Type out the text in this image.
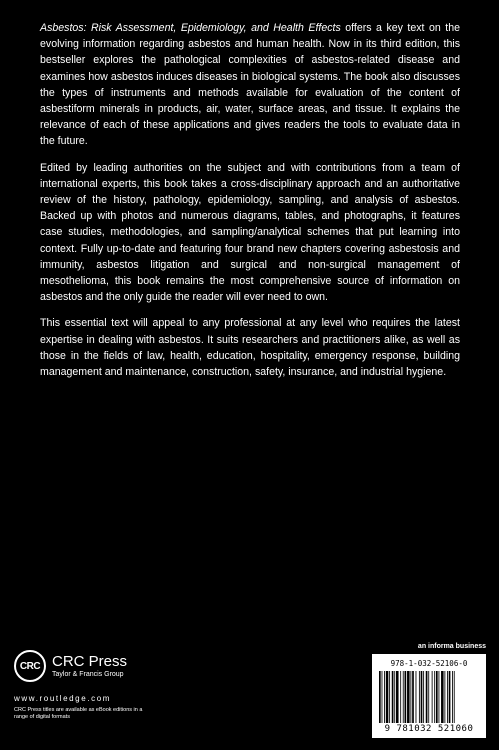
Asbestos: Risk Assessment, Epidemiology, and Health Effects offers a key text on the evolving information regarding asbestos and human health. Now in its third edition, this bestseller explores the pathological complexities of asbestos-related disease and examines how asbestos induces diseases in biological systems. The book also discusses the types of instruments and methods available for evaluation of the content of asbestiform minerals in products, air, water, surface areas, and tissue. It explains the relevance of each of these applications and gives readers the tools to evaluate data in the future.

Edited by leading authorities on the subject and with contributions from a team of international experts, this book takes a cross-disciplinary approach and an authoritative review of the history, pathology, epidemiology, sampling, and analysis of asbestos. Backed up with photos and numerous diagrams, tables, and photographs, it features case studies, methodologies, and sampling/analytical schemes that put learning into context. Fully up-to-date and featuring four brand new chapters covering asbestosis and immunity, asbestos litigation and surgical and non-surgical management of mesothelioma, this book remains the most comprehensive source of information on asbestos and the only guide the reader will ever need to own.

This essential text will appeal to any professional at any level who requires the latest expertise in dealing with asbestos. It suits researchers and practitioners alike, as well as those in the fields of law, health, education, hospitality, emergency response, building management and maintenance, construction, safety, insurance, and industrial hygiene.

CRC CRC Press
Taylor & Francis Group
www.routledge.com
CRC Press titles are available as eBook editions in a range of digital formats
an informa business
978-1-032-52106-0
9 781032 521060
